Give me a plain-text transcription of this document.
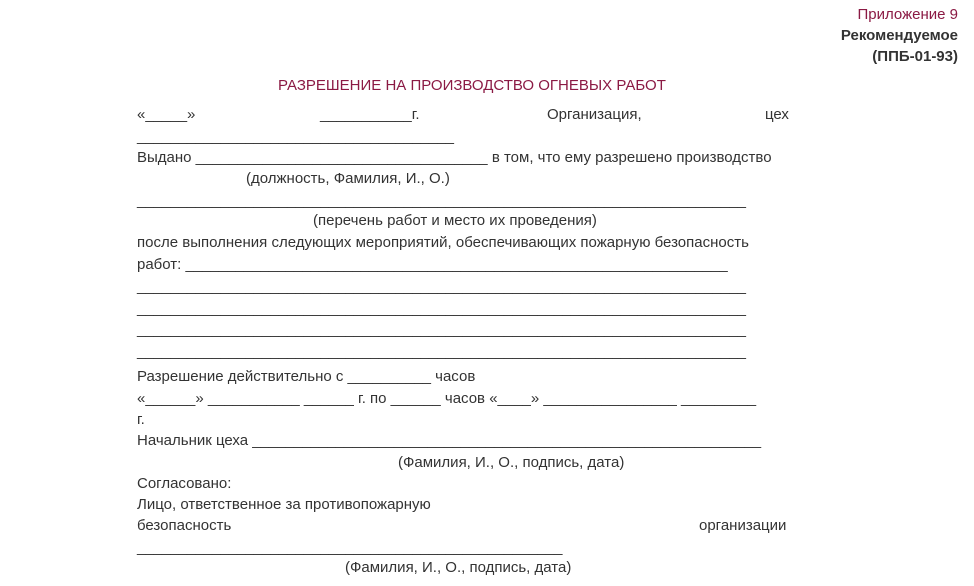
Приложение 9
Рекомендуемое
(ППБ-01-93)
РАЗРЕШЕНИЕ НА ПРОИЗВОДСТВО ОГНЕВЫХ РАБОТ
«_____»	___________г.	Организация,	цех
______________________________________
Выдано ___________________________________ в том, что ему разрешено производство
(должность, Фамилия, И., О.)
_________________________________________________________________________
(перечень работ и место их проведения)
после выполнения следующих мероприятий, обеспечивающих пожарную безопасность
работ: _________________________________________________________________
_________________________________________________________________________
_________________________________________________________________________
_________________________________________________________________________
_________________________________________________________________________
Разрешение действительно с __________ часов
«______» ___________ ______ г. по ______ часов «____» ________________ _________
г.
Начальник цеха _____________________________________________________________
(Фамилия, И., О., подпись, дата)
Согласовано:
Лицо, ответственное за противопожарную
безопасность	организации
___________________________________________________
(Фамилия, И., О., подпись, дата)
